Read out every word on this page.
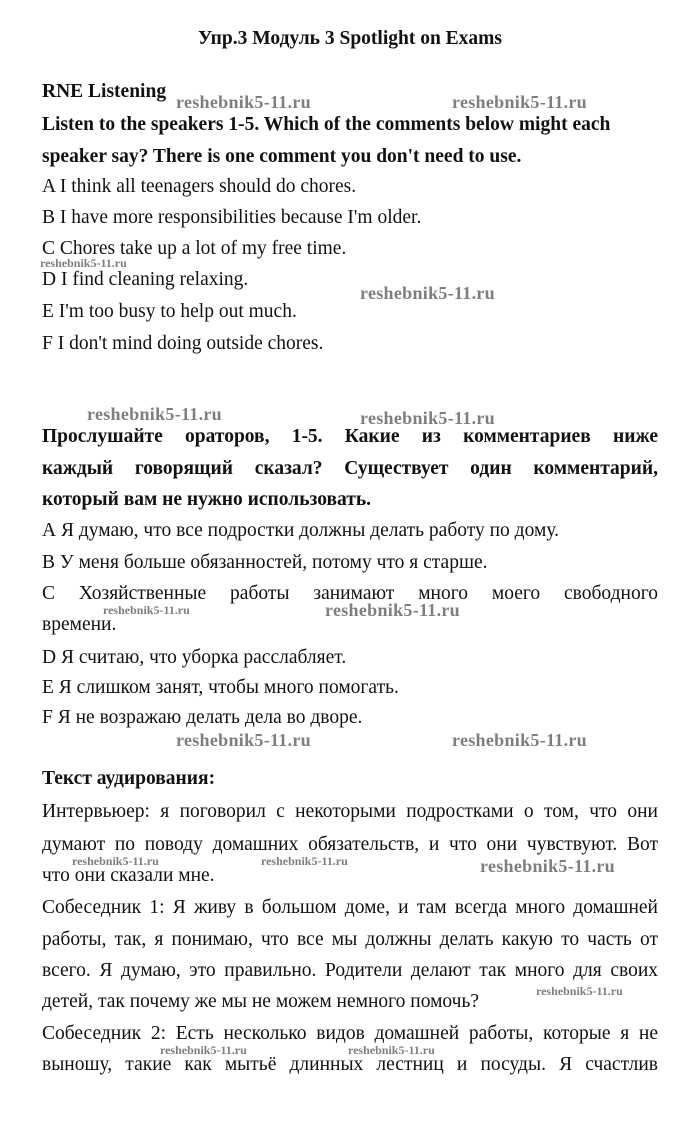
Упр.3 Модуль 3 Spotlight on Exams
RNE Listening
Listen to the speakers 1-5. Which of the comments below might each
speaker say? There is one comment you don't need to use.
A I think all teenagers should do chores.
B I have more responsibilities because I'm older.
C Chores take up a lot of my free time.
D I find cleaning relaxing.
E I'm too busy to help out much.
F I don't mind doing outside chores.
Прослушайте ораторов, 1-5. Какие из комментариев ниже
каждый говорящий сказал? Существует один комментарий,
который вам не нужно использовать.
А Я думаю, что все подростки должны делать работу по дому.
В У меня больше обязанностей, потому что я старше.
С Хозяйственные работы занимают много моего свободного
времени.
D Я считаю, что уборка расслабляет.
Е Я слишком занят, чтобы много помогать.
F Я не возражаю делать дела во дворе.
Текст аудирования:
Интервьюер: я поговорил с некоторыми подростками о том, что они
думают по поводу домашних обязательств, и что они чувствуют. Вот
что они сказали мне.
Собеседник 1: Я живу в большом доме, и там всегда много домашней
работы, так, я понимаю, что все мы должны делать какую то часть от
всего. Я думаю, это правильно. Родители делают так много для своих
детей, так почему же мы не можем немного помочь?
Собеседник 2: Есть несколько видов домашней работы, которые я не
выношу, такие как мытьё длинных лестниц и посуды. Я счастлив
reshebnik5-11.ru	reshebnik5-11.ru
reshebnik5-11.ru
reshebnik5-11.ru
reshebnik5-11.ru	reshebnik5-11.ru
reshebnik5-11.ru	reshebnik5-11.ru
reshebnik5-11.ru	reshebnik5-11.ru
reshebnik5-11.ru	reshebnik5-11.ru	reshebnik5-11.ru
reshebnik5-11.ru
reshebnik5-11.ru	reshebnik5-11.ru
